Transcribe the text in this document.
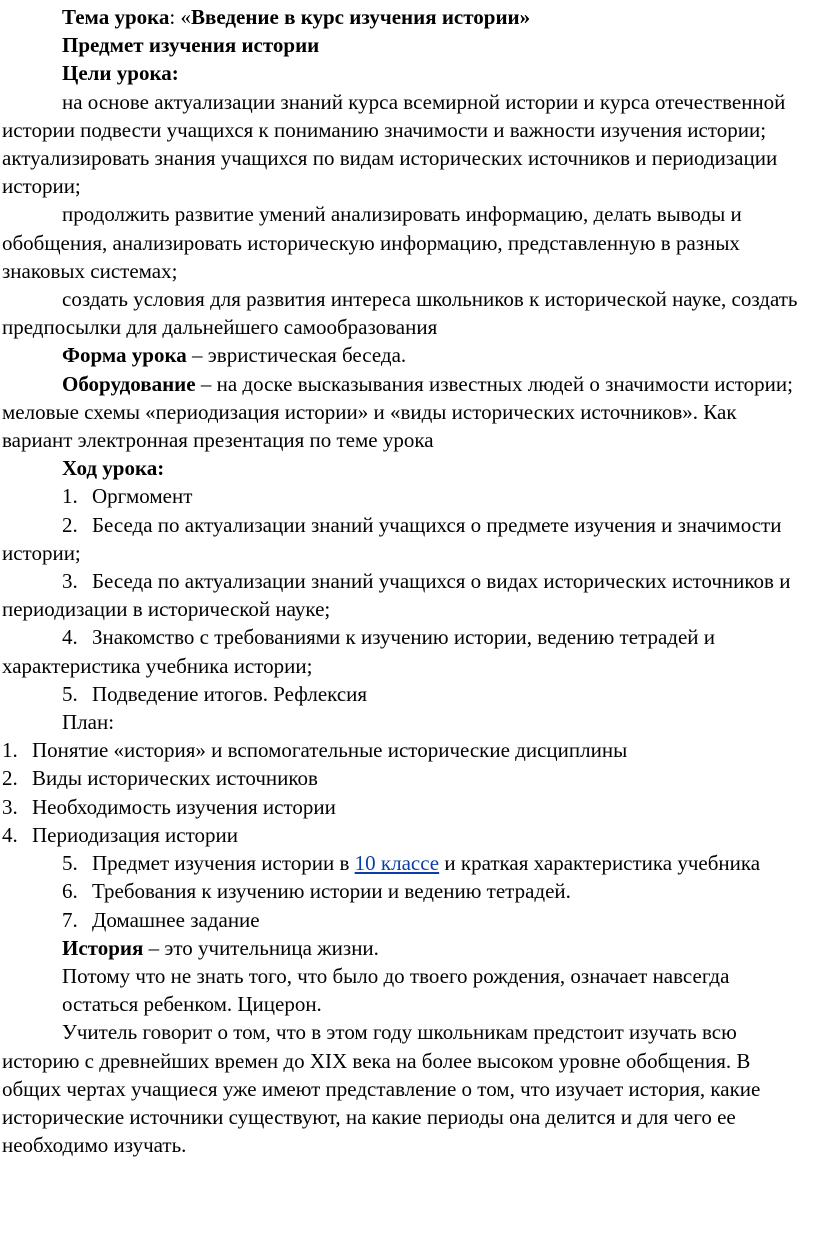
Тема урока: «Введение в курс изучения истории»

Предмет изучения истории

Цели урока:

на основе актуализации знаний курса всемирной истории и курса отечественной истории подвести учащихся к пониманию значимости и важности изучения истории; актуализировать знания учащихся по видам исторических источников и периодизации истории;

продолжить развитие умений анализировать информацию, делать выводы и обобщения, анализировать историческую информацию, представленную в разных знаковых системах;

создать условия для развития интереса школьников к исторической науке, создать предпосылки для дальнейшего самообразования

Форма урока – эвристическая беседа.

Оборудование – на доске высказывания известных людей о значимости истории; меловые схемы «периодизация истории» и «виды исторических источников». Как вариант электронная презентация по теме урока

Ход урока:

1. Оргмомент

2. Беседа по актуализации знаний учащихся о предмете изучения и значимости истории;

3. Беседа по актуализации знаний учащихся о видах исторических источников и периодизации в исторической науке;

4. Знакомство с требованиями к изучению истории, ведению тетрадей и характеристика учебника истории;

5. Подведение итогов. Рефлексия

План:

1. Понятие «история» и вспомогательные исторические дисциплины

2. Виды исторических источников

3. Необходимость изучения истории

4. Периодизация истории

5. Предмет изучения истории в 10 классе и краткая характеристика учебника

6. Требования к изучению истории и ведению тетрадей.

7. Домашнее задание

История – это учительница жизни.

Потому что не знать того, что было до твоего рождения, означает навсегда

остаться ребенком. Цицерон.

Учитель говорит о том, что в этом году школьникам предстоит изучать всю историю с древнейших времен до XIX века на более высоком уровне обобщения. В общих чертах учащиеся уже имеют представление о том, что изучает история, какие исторические источники существуют, на какие периоды она делится и для чего ее необходимо изучать.
